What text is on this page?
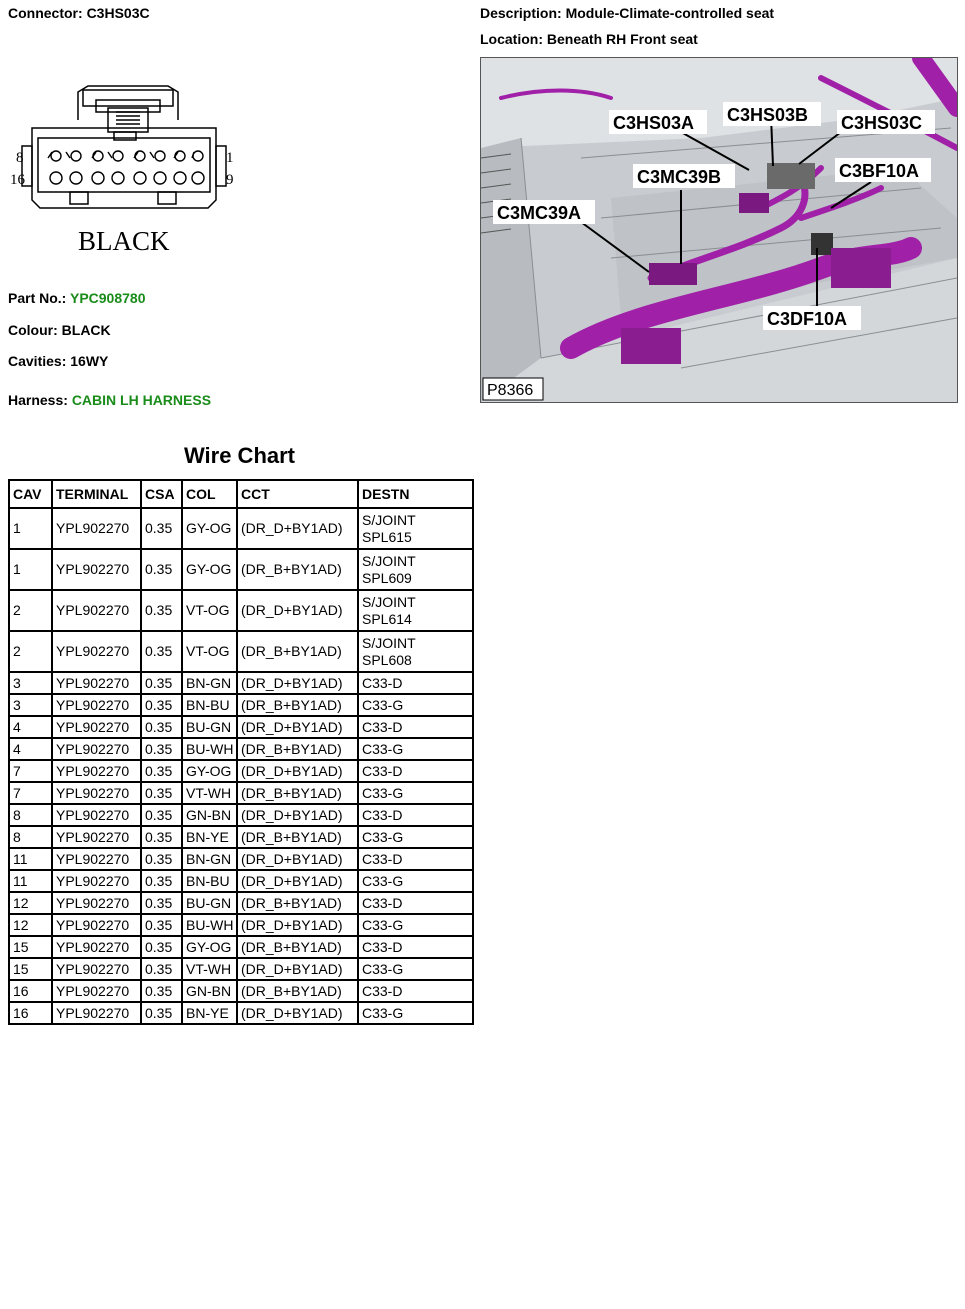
Connector: C3HS03C	Description: Module-Climate-controlled seat
Location: Beneath RH Front seat
8
16
1
9
BLACK
Part No.: YPC908780
Colour: BLACK
Cavities: 16WY
Harness: CABIN LH HARNESS
C3HS03A C3HS03B C3HS03C
C3MC39B	C3BF10A
C3MC39A
C3DF10A
P8366
Wire Chart
CAV	TERMINAL	CSA	COL	CCT	DESTN
1	YPL902270	0.35	GY-OG	(DR_D+BY1AD)	S/JOINT
SPL615
1	YPL902270	0.35	GY-OG	(DR_B+BY1AD)	S/JOINT
SPL609
2	YPL902270	0.35	VT-OG	(DR_D+BY1AD)	S/JOINT
SPL614
2	YPL902270	0.35	VT-OG	(DR_B+BY1AD)	S/JOINT
SPL608
3	YPL902270	0.35	BN-GN	(DR_D+BY1AD)	C33-D
3	YPL902270	0.35	BN-BU	(DR_B+BY1AD)	C33-G
4	YPL902270	0.35	BU-GN	(DR_D+BY1AD)	C33-D
4	YPL902270	0.35	BU-WH	(DR_B+BY1AD)	C33-G
7	YPL902270	0.35	GY-OG	(DR_D+BY1AD)	C33-D
7	YPL902270	0.35	VT-WH	(DR_B+BY1AD)	C33-G
8	YPL902270	0.35	GN-BN	(DR_D+BY1AD)	C33-D
8	YPL902270	0.35	BN-YE	(DR_B+BY1AD)	C33-G
11	YPL902270	0.35	BN-GN	(DR_D+BY1AD)	C33-D
11	YPL902270	0.35	BN-BU	(DR_D+BY1AD)	C33-G
12	YPL902270	0.35	BU-GN	(DR_B+BY1AD)	C33-D
12	YPL902270	0.35	BU-WH	(DR_D+BY1AD)	C33-G
15	YPL902270	0.35	GY-OG	(DR_B+BY1AD)	C33-D
15	YPL902270	0.35	VT-WH	(DR_D+BY1AD)	C33-G
16	YPL902270	0.35	GN-BN	(DR_B+BY1AD)	C33-D
16	YPL902270	0.35	BN-YE	(DR_D+BY1AD)	C33-G
